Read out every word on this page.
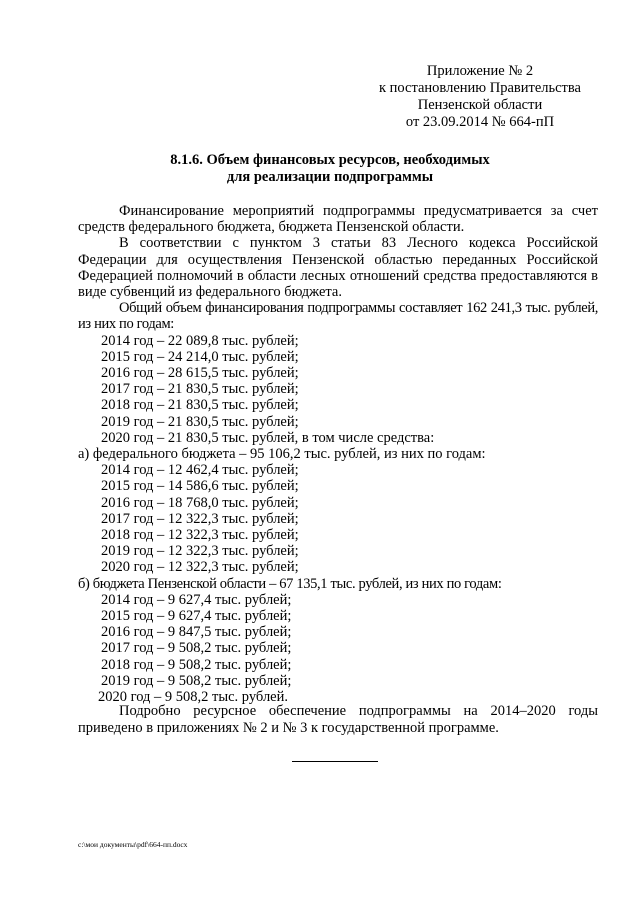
Приложение № 2
к постановлению Правительства
Пензенской области
от 23.09.2014 № 664-пП
8.1.6. Объем финансовых ресурсов, необходимых
для реализации подпрограммы

Финансирование мероприятий подпрограммы предусматривается за счет средств федерального бюджета, бюджета Пензенской области.

В соответствии с пунктом 3 статьи 83 Лесного кодекса Российской Федерации для осуществления Пензенской областью переданных Российской Федерацией полномочий в области лесных отношений средства предоставляются в виде субвенций из федерального бюджета.

Общий объем финансирования подпрограммы составляет 162 241,3 тыс. рублей, из них по годам:

2014 год – 22 089,8 тыс. рублей;

2015 год – 24 214,0 тыс. рублей;

2016 год – 28 615,5 тыс. рублей;

2017 год – 21 830,5 тыс. рублей;

2018 год – 21 830,5 тыс. рублей;

2019 год – 21 830,5 тыс. рублей;

2020 год – 21 830,5 тыс. рублей, в том числе средства:

а) федерального бюджета – 95 106,2 тыс. рублей, из них по годам:

2014 год – 12 462,4 тыс. рублей;

2015 год – 14 586,6 тыс. рублей;

2016 год – 18 768,0 тыс. рублей;

2017 год – 12 322,3 тыс. рублей;

2018 год – 12 322,3 тыс. рублей;

2019 год – 12 322,3 тыс. рублей;

2020 год – 12 322,3 тыс. рублей;

б) бюджета Пензенской области – 67 135,1 тыс. рублей, из них по годам:

2014 год – 9 627,4 тыс. рублей;

2015 год – 9 627,4 тыс. рублей;

2016 год – 9 847,5 тыс. рублей;

2017 год – 9 508,2 тыс. рублей;

2018 год – 9 508,2 тыс. рублей;

2019 год – 9 508,2 тыс. рублей;

2020 год – 9 508,2 тыс. рублей.

Подробно ресурсное обеспечение подпрограммы на 2014–2020 годы приведено в приложениях № 2 и № 3 к государственной программе.

c:\мои документы\pdf\664-пп.docx
